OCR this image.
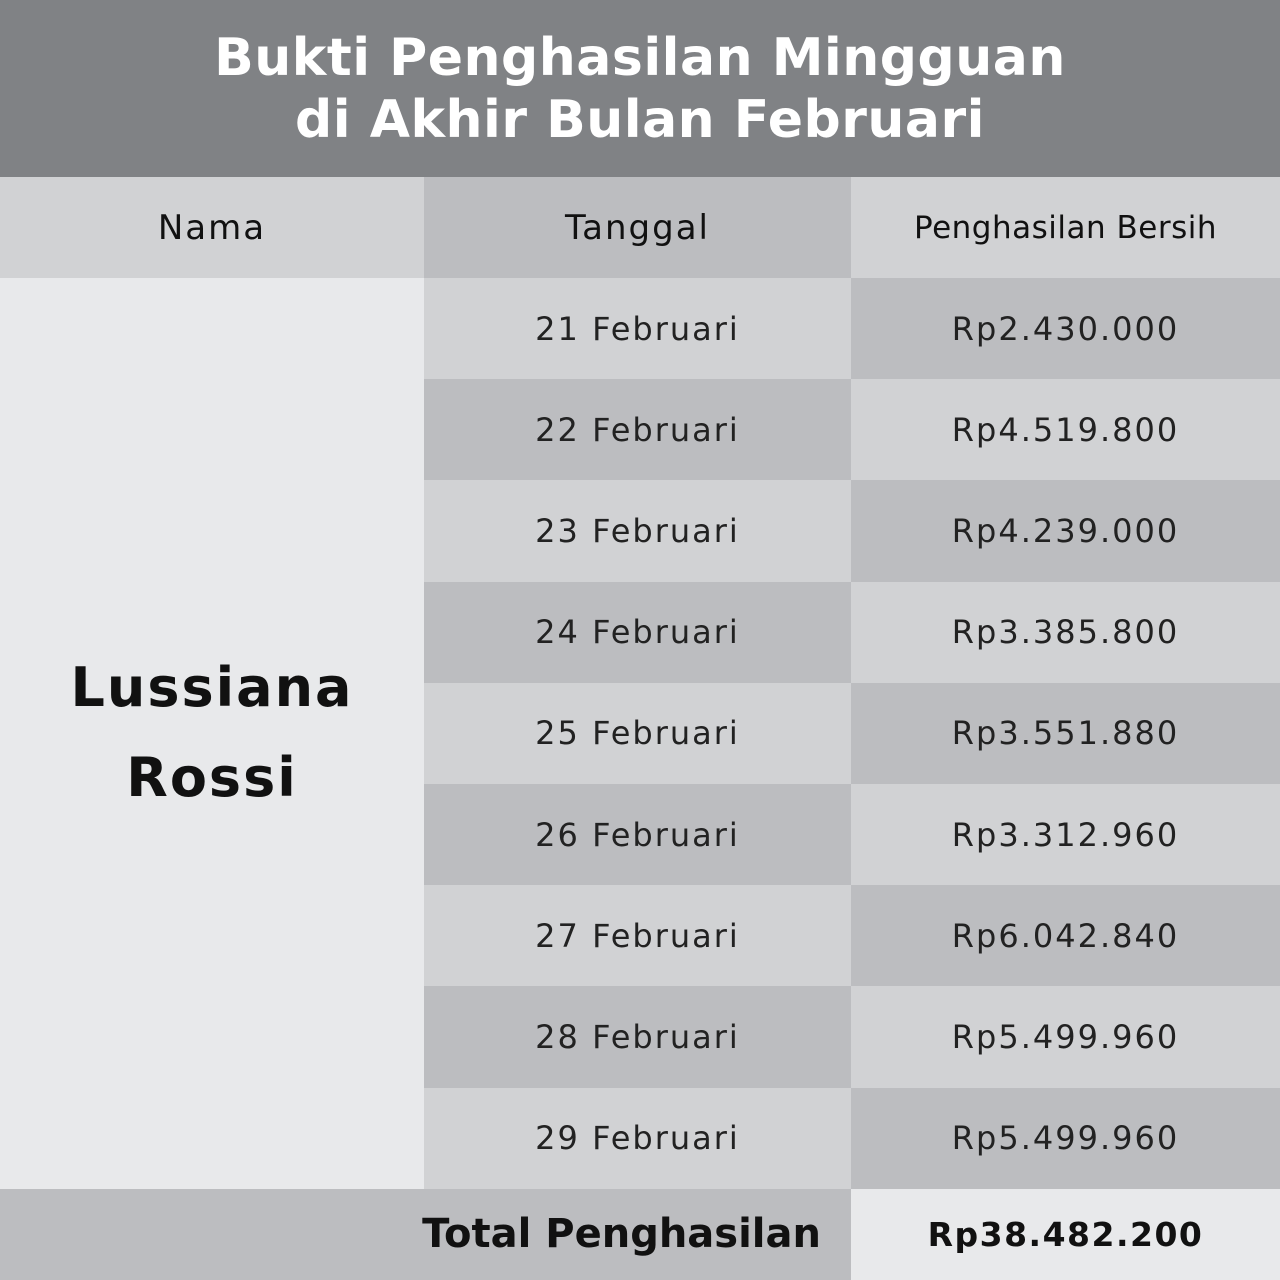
Bukti Penghasilan Mingguan
di Akhir Bulan Februari
Nama	Tanggal	Penghasilan Bersih
Lussiana
Rossi
21 Februari	Rp2.430.000
22 Februari	Rp4.519.800
23 Februari	Rp4.239.000
24 Februari	Rp3.385.800
25 Februari	Rp3.551.880
26 Februari	Rp3.312.960
27 Februari	Rp6.042.840
28 Februari	Rp5.499.960
29 Februari	Rp5.499.960
Total Penghasilan	Rp38.482.200
